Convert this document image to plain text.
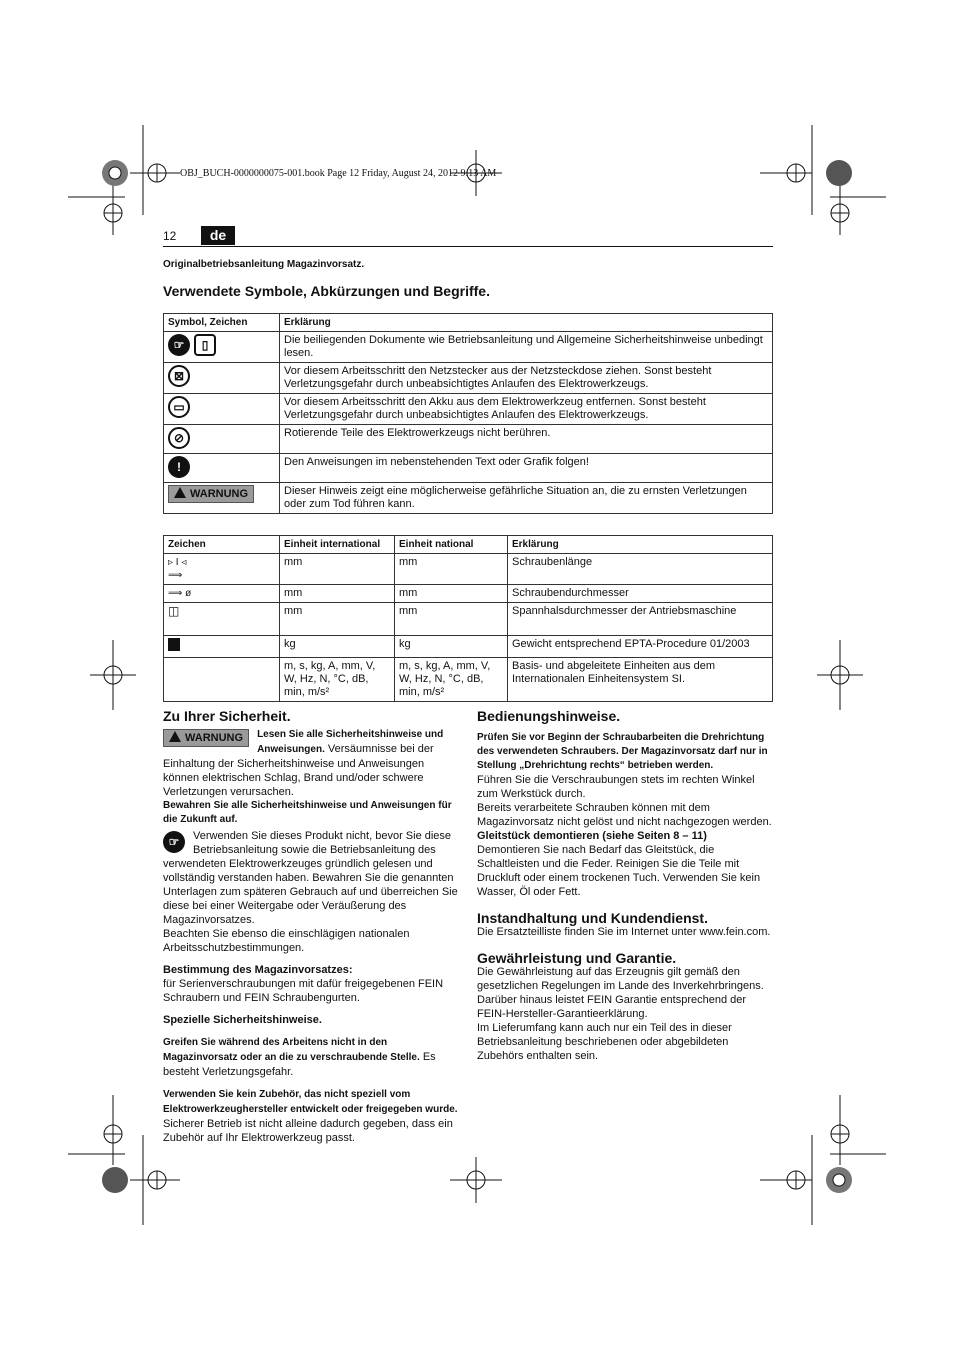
OBJ_BUCH-0000000075-001.book Page 12 Friday, August 24, 2012 9:13 AM
12	de
Originalbetriebsanleitung Magazinvorsatz.
Verwendete Symbole, Abkürzungen und Begriffe.
Symbol, Zeichen	Erklärung
☞ ▯	Die beiliegenden Dokumente wie Betriebsanleitung und Allgemeine Sicherheitshinweise unbedingt lesen.
⊠	Vor diesem Arbeitsschritt den Netzstecker aus der Netzsteckdose ziehen. Sonst besteht Verletzungsgefahr durch unbeabsichtigtes Anlaufen des Elektrowerkzeugs.
▭	Vor diesem Arbeitsschritt den Akku aus dem Elektrowerkzeug entfernen. Sonst besteht Verletzungsgefahr durch unbeabsichtigtes Anlaufen des Elektrowerkzeugs.
⊘	Rotierende Teile des Elektrowerkzeugs nicht berühren.
!	Den Anweisungen im nebenstehenden Text oder Grafik folgen!
WARNUNG	Dieser Hinweis zeigt eine möglicherweise gefährliche Situation an, die zu ernsten Verletzungen oder zum Tod führen kann.
Zeichen	Einheit international	Einheit national	Erklärung
▹ I ◃
⟹	mm	mm	Schraubenlänge
⟹ ø	mm	mm	Schraubendurchmesser
◫	mm	mm	Spannhalsdurchmesser der Antriebsmaschine
	kg	kg	Gewicht entsprechend EPTA-Procedure 01/2003
	m, s, kg, A, mm, V, W, Hz, N, °C, dB, min, m/s²	m, s, kg, A, mm, V, W, Hz, N, °C, dB, min, m/s²	Basis- und abgeleitete Einheiten aus dem Internationalen Einheitensystem SI.
Zu Ihrer Sicherheit.
WARNUNG	Lesen Sie alle Sicherheitshinweise und Anweisungen. Versäumnisse bei der Einhaltung der Sicherheitshinweise und Anweisungen können elektrischen Schlag, Brand und/oder schwere Verletzungen verursachen.

Bewahren Sie alle Sicherheitshinweise und Anweisungen für die Zukunft auf.

☞	Verwenden Sie dieses Produkt nicht, bevor Sie diese Betriebsanleitung sowie die Betriebsanleitung des verwendeten Elektrowerkzeuges gründlich gelesen und vollständig verstanden haben. Bewahren Sie die genannten Unterlagen zum späteren Gebrauch auf und überreichen Sie diese bei einer Weitergabe oder Veräußerung des Magazinvorsatzes.

Beachten Sie ebenso die einschlägigen nationalen Arbeitsschutzbestimmungen.

Bestimmung des Magazinvorsatzes:

für Serienverschraubungen mit dafür freigegebenen FEIN Schraubern und FEIN Schraubengurten.

Spezielle Sicherheitshinweise.

Greifen Sie während des Arbeitens nicht in den Magazinvorsatz oder an die zu verschraubende Stelle. Es besteht Verletzungsgefahr.

Verwenden Sie kein Zubehör, das nicht speziell vom Elektrowerkzeughersteller entwickelt oder freigegeben wurde. Sicherer Betrieb ist nicht alleine dadurch gegeben, dass ein Zubehör auf Ihr Elektrowerkzeug passt.

Bedienungshinweise.

Prüfen Sie vor Beginn der Schraubarbeiten die Drehrichtung des verwendeten Schraubers. Der Magazinvorsatz darf nur in Stellung „Drehrichtung rechts“ betrieben werden.

Führen Sie die Verschraubungen stets im rechten Winkel zum Werkstück durch.

Bereits verarbeitete Schrauben können mit dem Magazinvorsatz nicht gelöst und nicht nachgezogen werden.

Gleitstück demontieren (siehe Seiten 8 – 11)

Demontieren Sie nach Bedarf das Gleitstück, die Schaltleisten und die Feder. Reinigen Sie die Teile mit Druckluft oder einem trockenen Tuch. Verwenden Sie kein Wasser, Öl oder Fett.

Instandhaltung und Kundendienst.

Die Ersatzteilliste finden Sie im Internet unter www.fein.com.

Gewährleistung und Garantie.

Die Gewährleistung auf das Erzeugnis gilt gemäß den gesetzlichen Regelungen im Lande des Inverkehrbringens. Darüber hinaus leistet FEIN Garantie entsprechend der FEIN-Hersteller-Garantieerklärung.

Im Lieferumfang kann auch nur ein Teil des in dieser Betriebsanleitung beschriebenen oder abgebildeten Zubehörs enthalten sein.
